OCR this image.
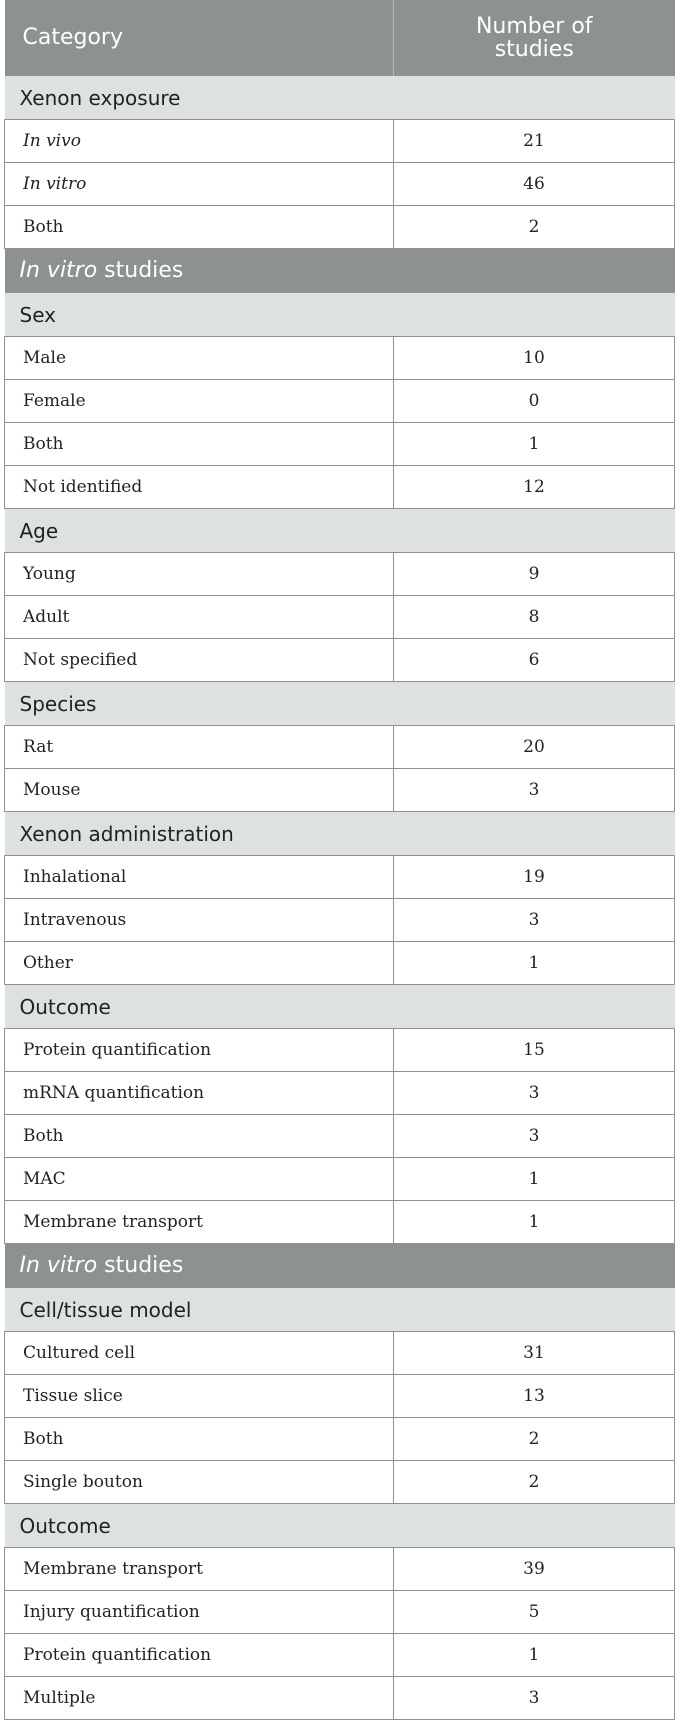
Category	Number of
studies
Xenon exposure	
In vivo	21
In vitro	46
Both	2
In vitro studies	
Sex	
Male	10
Female	0
Both	1
Not identified	12
Age	
Young	9
Adult	8
Not specified	6
Species	
Rat	20
Mouse	3
Xenon administration	
Inhalational	19
Intravenous	3
Other	1
Outcome	
Protein quantification	15
mRNA quantification	3
Both	3
MAC	1
Membrane transport	1
In vitro studies	
Cell/tissue model	
Cultured cell	31
Tissue slice	13
Both	2
Single bouton	2
Outcome	
Membrane transport	39
Injury quantification	5
Protein quantification	1
Multiple	3
